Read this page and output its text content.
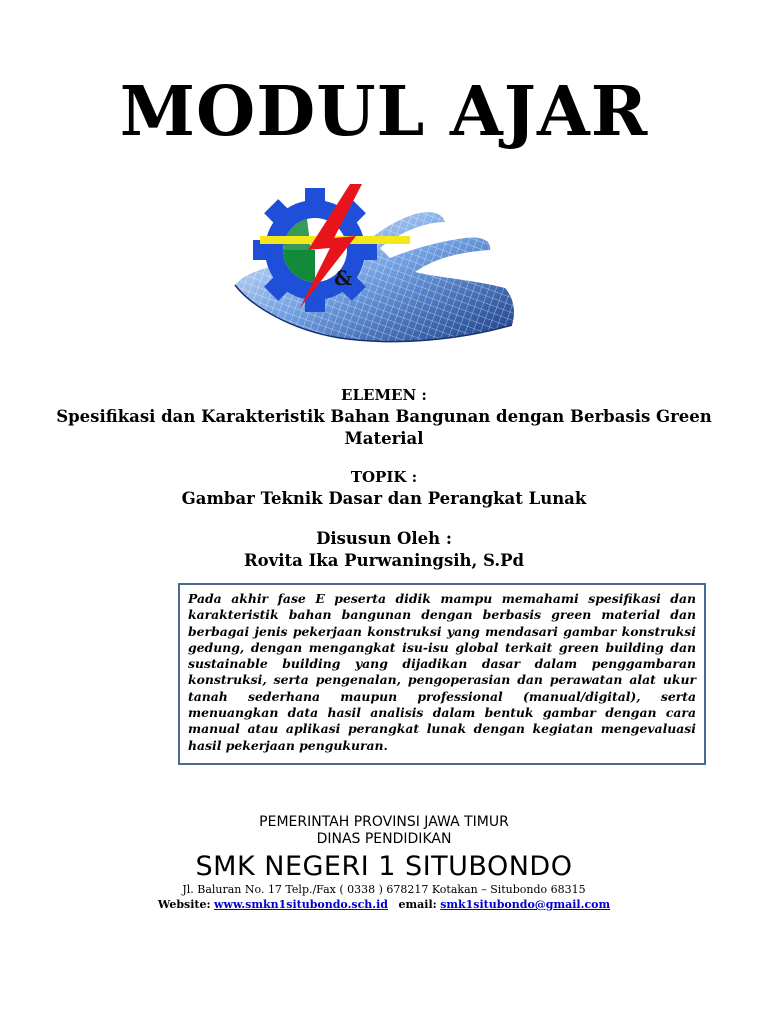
MODUL AJAR
&
ELEMEN :
Spesifikasi dan Karakteristik Bahan Bangunan dengan Berbasis Green
Material
TOPIK :
Gambar Teknik Dasar dan Perangkat Lunak
Disusun Oleh :
Rovita Ika Purwaningsih, S.Pd
Pada akhir fase E peserta didik mampu memahami spesifikasi dan karakteristik bahan bangunan dengan berbasis green material dan berbagai jenis pekerjaan konstruksi yang mendasari gambar konstruksi gedung, dengan mengangkat isu-isu global terkait green building dan sustainable building yang dijadikan dasar dalam penggambaran konstruksi, serta pengenalan, pengoperasian dan perawatan alat ukur tanah sederhana maupun professional (manual/digital), serta menuangkan data hasil analisis dalam bentuk gambar dengan cara manual atau aplikasi perangkat lunak dengan kegiatan mengevaluasi hasil pekerjaan pengukuran.
PEMERINTAH PROVINSI JAWA TIMUR
DINAS PENDIDIKAN
SMK NEGERI 1 SITUBONDO
Jl. Baluran No. 17 Telp./Fax ( 0338 ) 678217 Kotakan – Situbondo 68315
Website: www.smkn1situbondo.sch.id email: smk1situbondo@gmail.com
